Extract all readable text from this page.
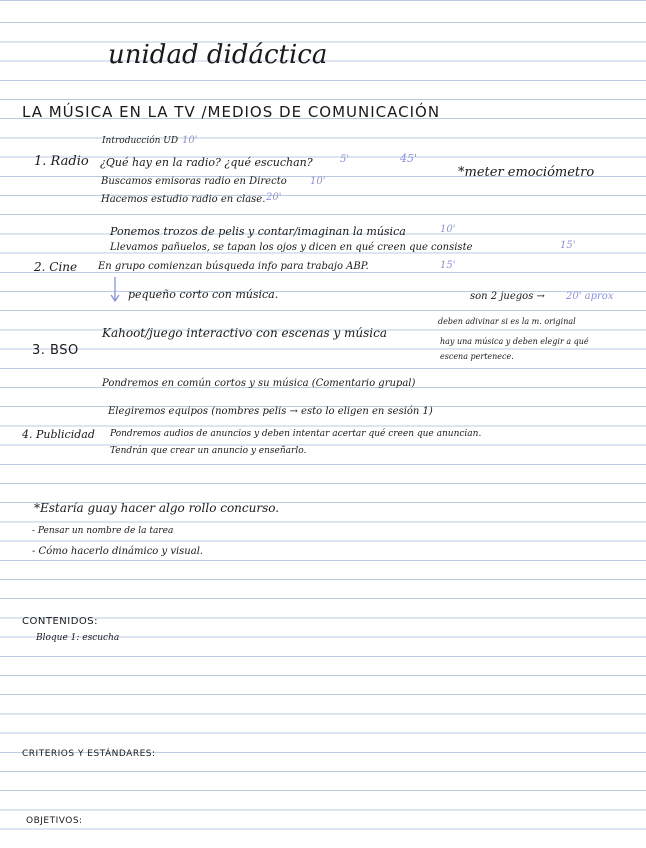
unidad didáctica
LA MÚSICA EN LA TV /MEDIOS DE COMUNICACIÓN
Introducción UD 10'
1. Radio ¿Qué hay en la radio? ¿qué escuchan?	5'	45'
*meter emociómetro
Buscamos emisoras radio en Directo 10'
Hacemos estudio radio en clase. 20'
Ponemos trozos de pelis y contar/imaginan la música	10'
Llevamos pañuelos, se tapan los ojos y dicen en qué creen que consiste	15'
2. Cine En grupo comienzan búsqueda info para trabajo ABP.	15'
pequeño corto con música.	son 2 juegos → 20' aprox
Kahoot/juego interactivo con escenas y música
deben adivinar si es la m. original
hay una música y deben elegir a qué
escena pertenece.
3. BSO
Pondremos en común cortos y su música (Comentario grupal)
Elegiremos equipos (nombres pelis → esto lo eligen en sesión 1)
4. Publicidad Pondremos audios de anuncios y deben intentar acertar qué creen que anuncian.
Tendrán que crear un anuncio y enseñarlo.
*Estaría guay hacer algo rollo concurso.
- Pensar un nombre de la tarea
- Cómo hacerlo dinámico y visual.
CONTENIDOS:
Bloque 1: escucha
CRITERIOS Y ESTÁNDARES:
OBJETIVOS:
